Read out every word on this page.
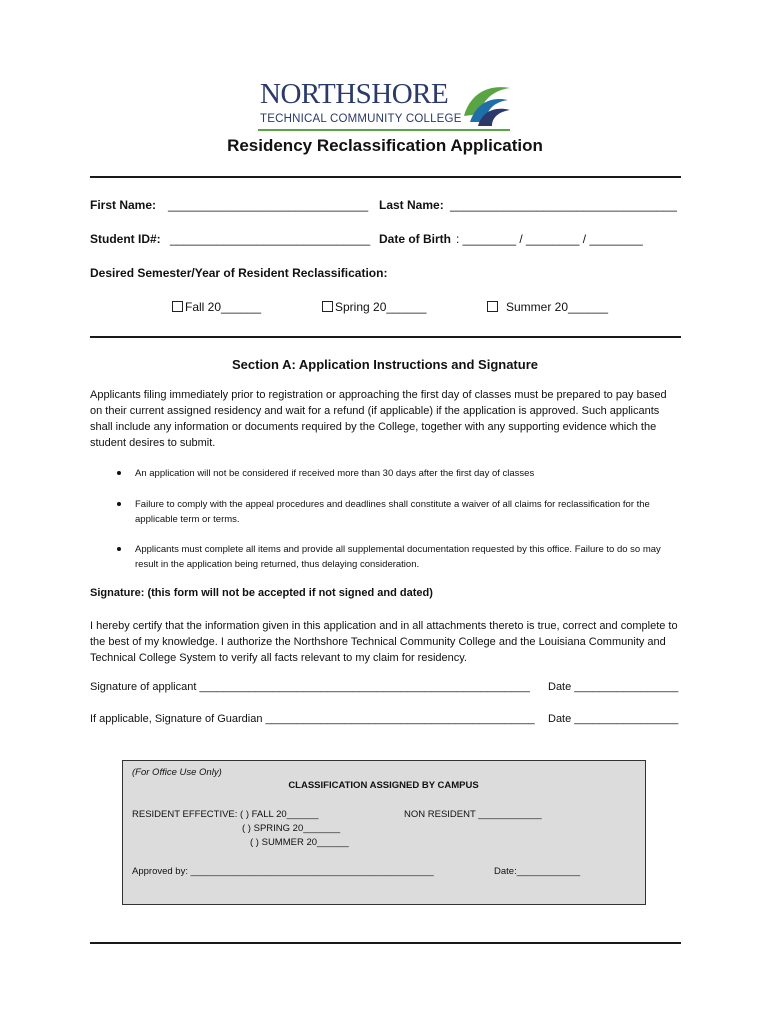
NORTHSHORE
TECHNICAL COMMUNITY COLLEGE
Residency Reclassification Application
First Name: ______________________________ Last Name: __________________________________
Student ID#: ______________________________ Date of Birth : ________ / ________ / ________
Desired Semester/Year of Resident Reclassification:
Fall 20______	Spring 20______	Summer 20______
Section A: Application Instructions and Signature
Applicants filing immediately prior to registration or approaching the first day of classes must be prepared to pay based on their current assigned residency and wait for a refund (if applicable) if the application is approved. Such applicants shall include any information or documents required by the College, together with any supporting evidence which the student desires to submit.
An application will not be considered if received more than 30 days after the first day of classes
Failure to comply with the appeal procedures and deadlines shall constitute a waiver of all claims for reclassification for the applicable term or terms.
Applicants must complete all items and provide all supplemental documentation requested by this office. Failure to do so may result in the application being returned, thus delaying consideration.
Signature: (this form will not be accepted if not signed and dated)
I hereby certify that the information given in this application and in all attachments thereto is true, correct and complete to the best of my knowledge. I authorize the Northshore Technical Community College and the Louisiana Community and Technical College System to verify all facts relevant to my claim for residency.
Signature of applicant ______________________________________________________ Date _________________
If applicable, Signature of Guardian ____________________________________________ Date _________________
(For Office Use Only)
CLASSIFICATION ASSIGNED BY CAMPUS
RESIDENT EFFECTIVE: ( ) FALL 20______
( ) SPRING 20_______
( ) SUMMER 20______
NON RESIDENT ____________
Approved by: ______________________________________________	Date:____________
